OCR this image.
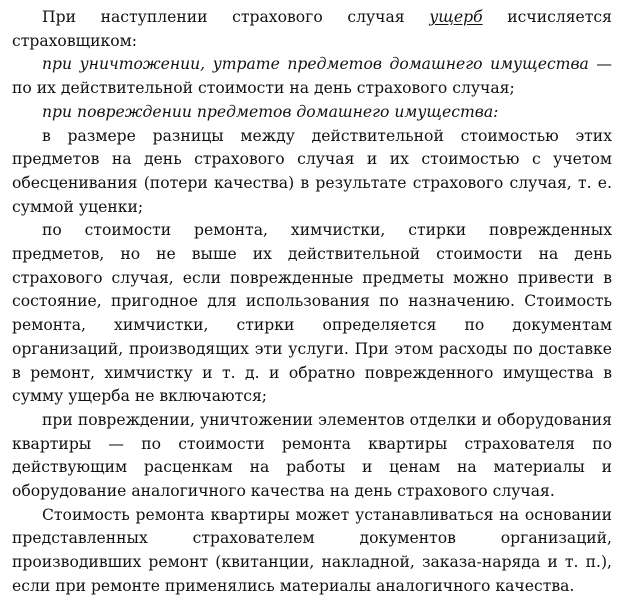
При наступлении страхового случая ущерб исчисляется страховщиком:

при уничтожении, утрате предметов домашнего имущества — по их действительной стоимости на день страхового случая;

при повреждении предметов домашнего имущества:

в размере разницы между действительной стоимостью этих предметов на день страхового случая и их стоимостью с учетом обесценивания (потери качества) в результате страхового случая, т. е. суммой уценки;

по стоимости ремонта, химчистки, стирки поврежденных предметов, но не выше их действительной стоимости на день страхового случая, если поврежденные предметы можно привести в состояние, пригодное для использования по назначению. Стоимость ремонта, химчистки, стирки определяется по документам организаций, производящих эти услуги. При этом расходы по доставке в ремонт, химчистку и т. д. и обратно поврежденного имущества в сумму ущерба не включаются;

при повреждении, уничтожении элементов отделки и оборудования квартиры — по стоимости ремонта квартиры страхователя по действующим расценкам на работы и ценам на материалы и оборудование аналогичного качества на день страхового случая.

Стоимость ремонта квартиры может устанавливаться на основании представленных страхователем документов организаций, производивших ремонт (квитанции, накладной, заказа-наряда и т. п.), если при ремонте применялись материалы аналогичного качества.
